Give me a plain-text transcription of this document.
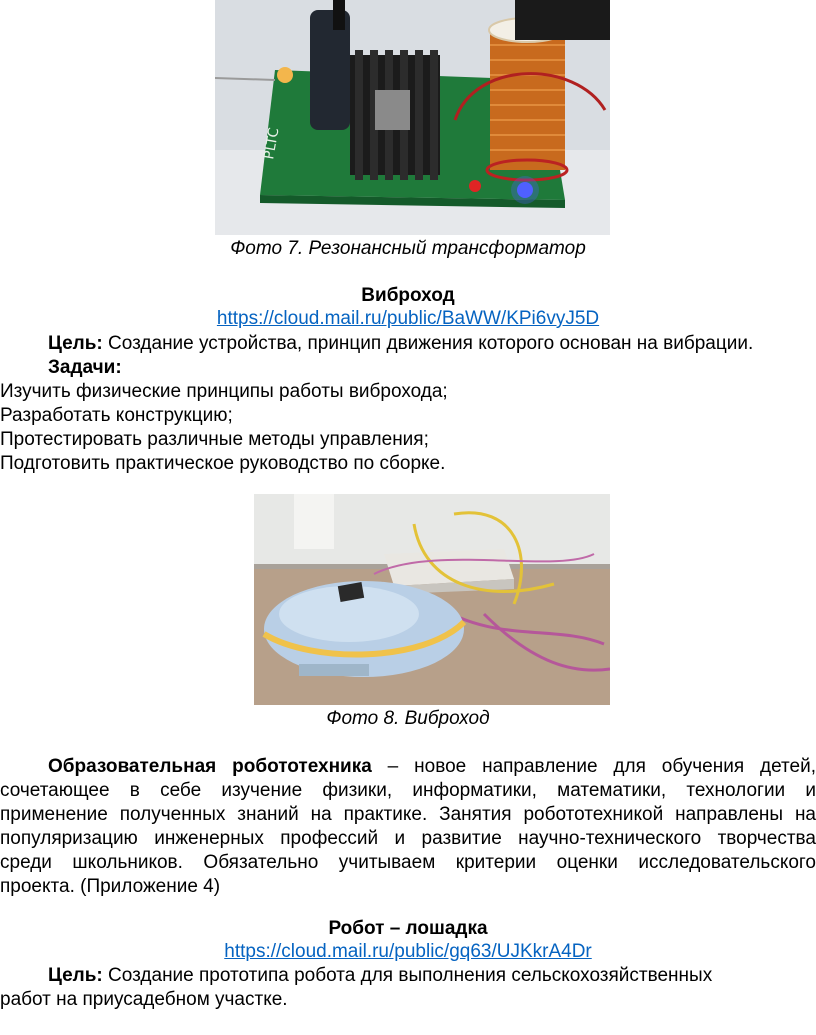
PLTC
Фото 7. Резонансный трансформатор
Виброход
https://cloud.mail.ru/public/BaWW/KPi6vyJ5D
Цель: Создание устройства, принцип движения которого основан на вибрации.
Задачи:
Изучить физические принципы работы виброхода;
Разработать конструкцию;
Протестировать различные методы управления;
Подготовить практическое руководство по сборке.
Фото 8. Виброход
Образовательная робототехника – новое направление для обучения детей,
сочетающее в себе изучение физики, информатики, математики, технологии и
применение полученных знаний на практике. Занятия робототехникой направлены на
популяризацию инженерных профессий и развитие научно-технического творчества
среди школьников. Обязательно учитываем критерии оценки исследовательского
проекта. (Приложение 4)
Робот – лошадка
https://cloud.mail.ru/public/gq63/UJKkrA4Dr
Цель: Создание прототипа робота для выполнения сельскохозяйственных
работ на приусадебном участке.
